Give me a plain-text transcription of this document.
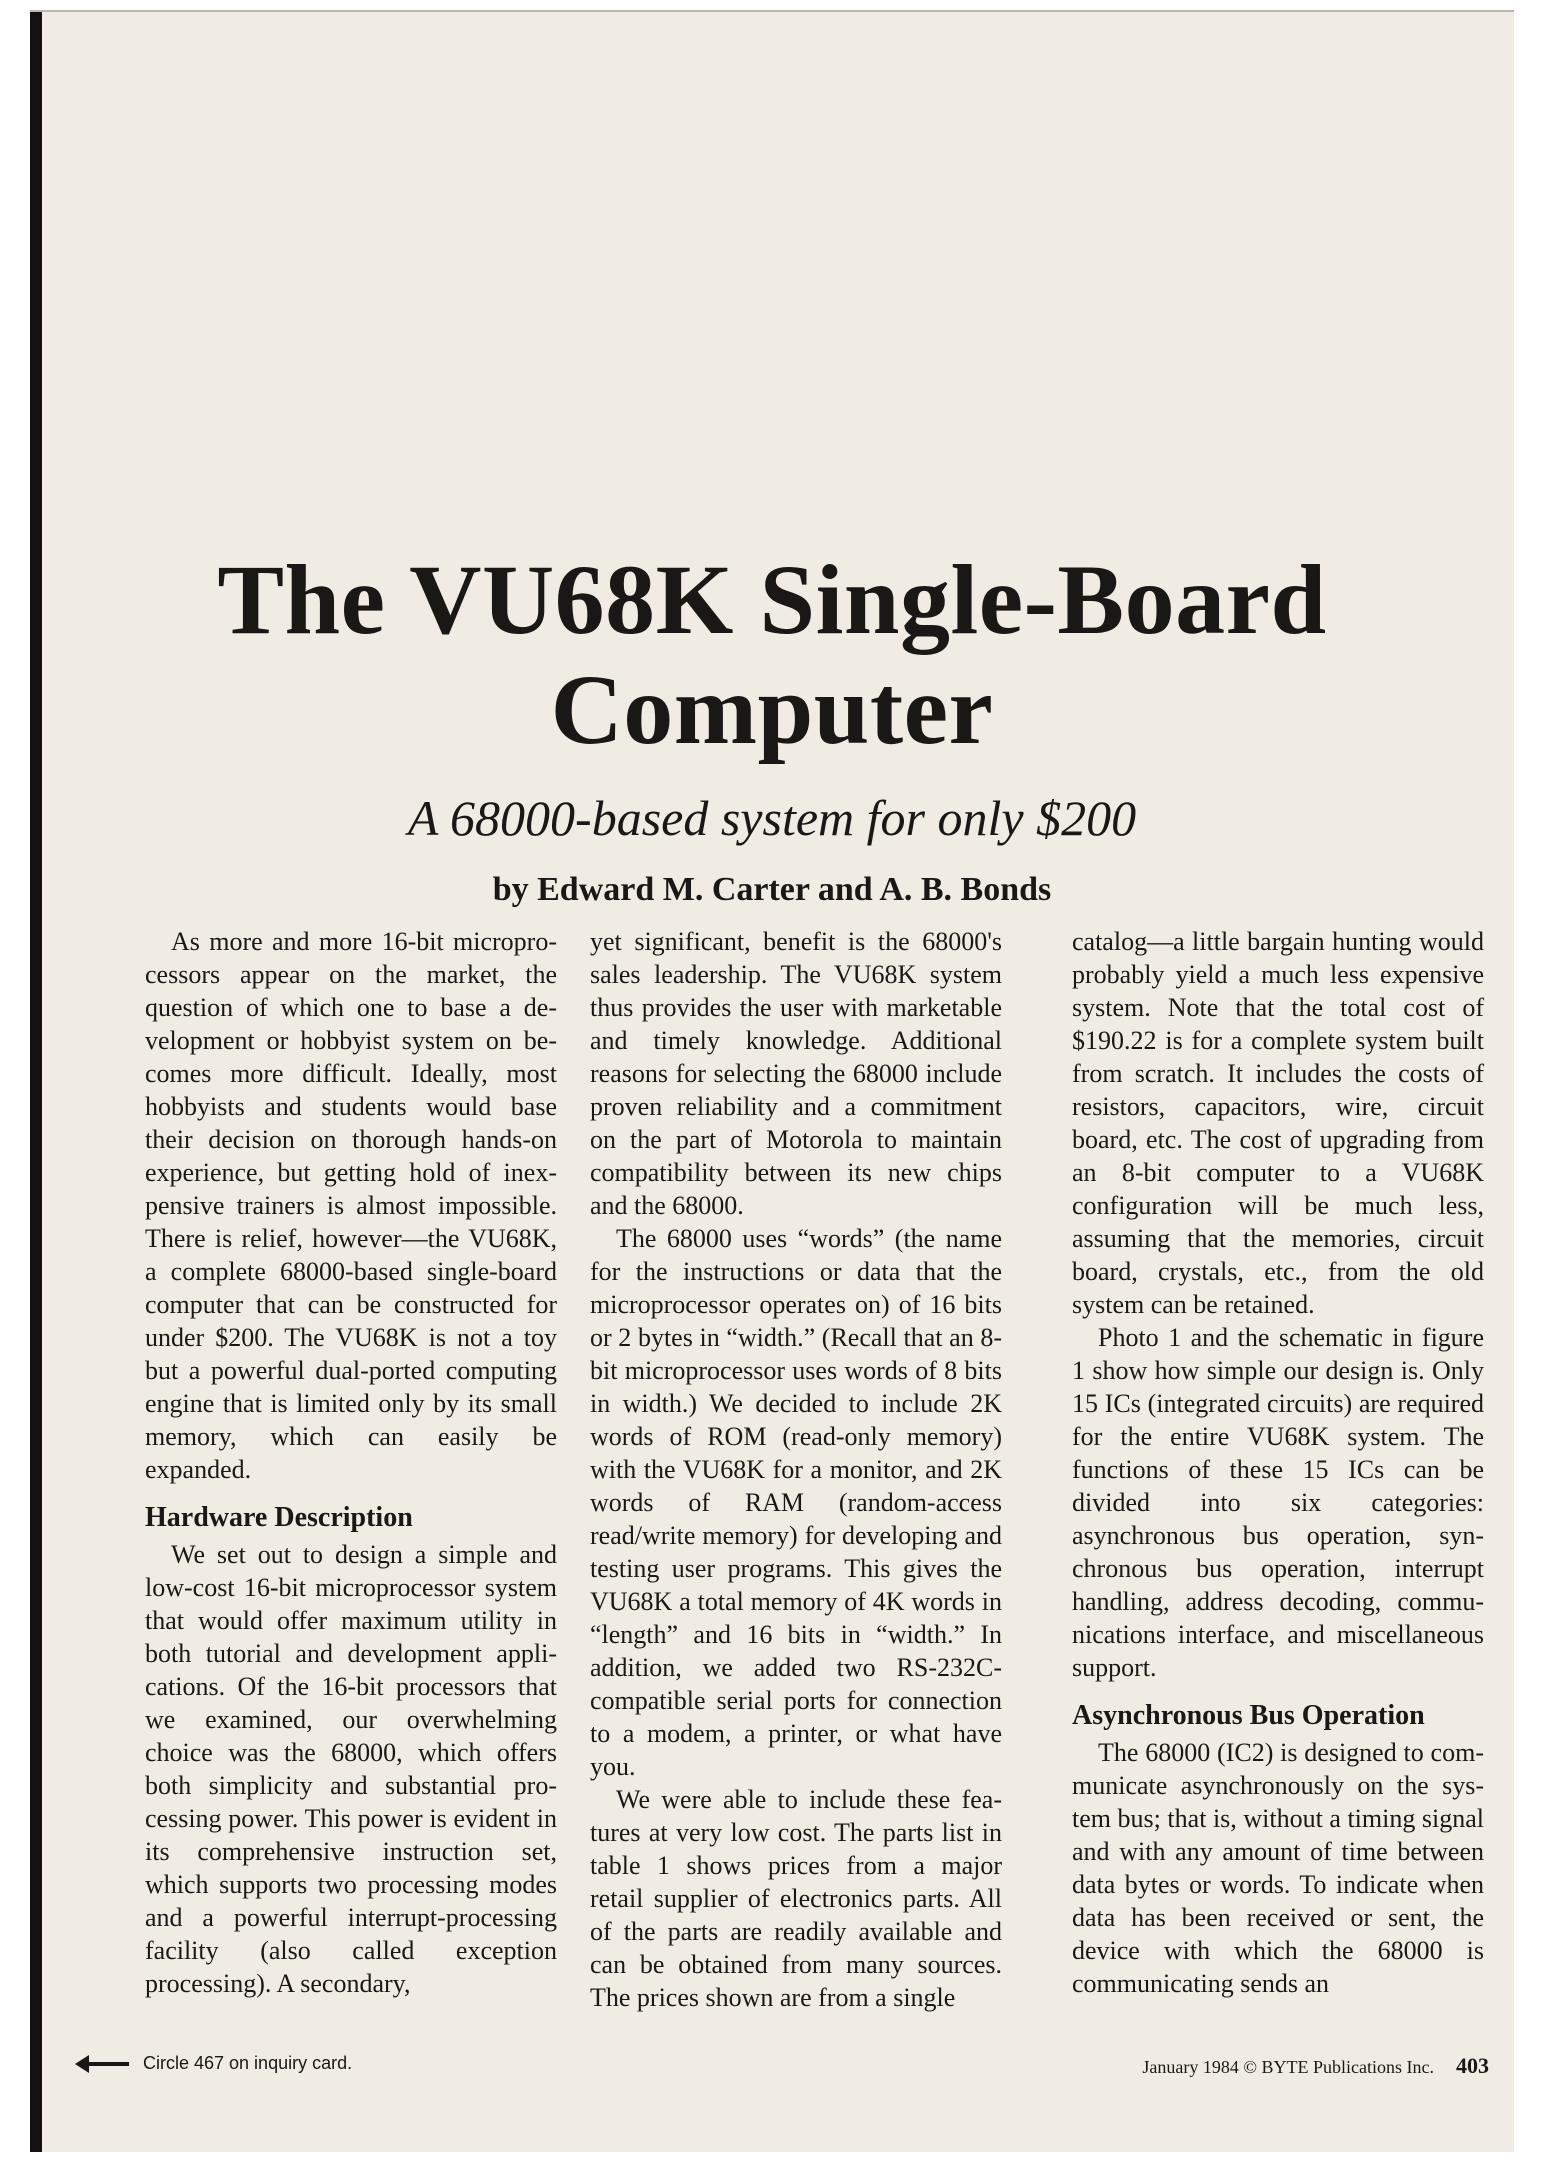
The VU68K Single-Board
Computer
A 68000-based system for only $200
by Edward M. Carter and A. B. Bonds

As more and more 16-bit microprocessors appear on the market, the question of which one to base a development or hobbyist system on becomes more difficult. Ideally, most hobbyists and students would base their decision on thorough hands-on experience, but getting hold of inexpensive trainers is almost impossible. There is relief, however—the VU68K, a complete 68000-based single-board computer that can be constructed for under $200. The VU68K is not a toy but a powerful dual-ported computing engine that is limited only by its small memory, which can easily be expanded.

Hardware Description

We set out to design a simple and low-cost 16-bit microprocessor system that would offer maximum utility in both tutorial and development applications. Of the 16-bit processors that we examined, our overwhelming choice was the 68000, which offers both simplicity and substantial processing power. This power is evident in its comprehensive instruction set, which supports two processing modes and a powerful interrupt-processing facility (also called exception processing). A secondary,

yet significant, benefit is the 68000's sales leadership. The VU68K system thus provides the user with marketable and timely knowledge. Additional reasons for selecting the 68000 include proven reliability and a commitment on the part of Motorola to maintain compatibility between its new chips and the 68000.

The 68000 uses “words” (the name for the instructions or data that the microprocessor operates on) of 16 bits or 2 bytes in “width.” (Recall that an 8-bit microprocessor uses words of 8 bits in width.) We decided to include 2K words of ROM (read-only memory) with the VU68K for a monitor, and 2K words of RAM (random-access read/write memory) for developing and testing user programs. This gives the VU68K a total memory of 4K words in “length” and 16 bits in “width.” In addition, we added two RS-232C-compatible serial ports for connection to a modem, a printer, or what have you.

We were able to include these features at very low cost. The parts list in table 1 shows prices from a major retail supplier of electronics parts. All of the parts are readily available and can be obtained from many sources. The prices shown are from a single

catalog—a little bargain hunting would probably yield a much less expensive system. Note that the total cost of $190.22 is for a complete system built from scratch. It includes the costs of resistors, capacitors, wire, circuit board, etc. The cost of upgrading from an 8-bit computer to a VU68K configuration will be much less, assuming that the memories, circuit board, crystals, etc., from the old system can be retained.

Photo 1 and the schematic in figure 1 show how simple our design is. Only 15 ICs (integrated circuits) are required for the entire VU68K system. The functions of these 15 ICs can be divided into six categories: asynchronous bus operation, synchronous bus operation, interrupt handling, address decoding, communications interface, and miscellaneous support.

Asynchronous Bus Operation

The 68000 (IC2) is designed to communicate asynchronously on the system bus; that is, without a timing signal and with any amount of time between data bytes or words. To indicate when data has been received or sent, the device with which the 68000 is communicating sends an

Circle 467 on inquiry card.	January 1984 © BYTE Publications Inc. 403
